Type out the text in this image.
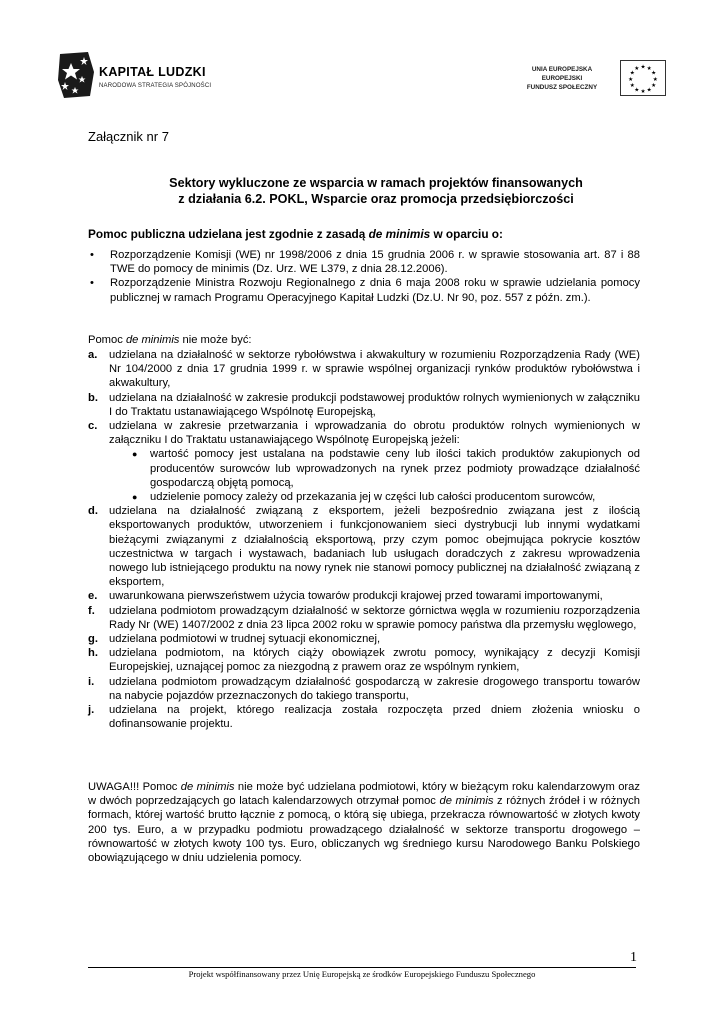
KAPITAŁ LUDZKI
NARODOWA STRATEGIA SPÓJNOŚCI
UNIA EUROPEJSKA
EUROPEJSKI
FUNDUSZ SPOŁECZNY
★ ★
★
★
★
★
★
★
★
★
★
★
Załącznik nr 7
Sektory wykluczone ze wsparcia w ramach projektów finansowanych
z działania 6.2. POKL, Wsparcie oraz promocja przedsiębiorczości
Pomoc publiczna udzielana jest zgodnie z zasadą de minimis w oparciu o:
• Rozporządzenie Komisji (WE) nr 1998/2006 z dnia 15 grudnia 2006 r. w sprawie stosowania art. 87 i 88 TWE do pomocy de minimis (Dz. Urz. WE L379, z dnia 28.12.2006).
• Rozporządzenie Ministra Rozwoju Regionalnego z dnia 6 maja 2008 roku w sprawie udzielania pomocy publicznej w ramach Programu Operacyjnego Kapitał Ludzki (Dz.U. Nr 90, poz. 557 z późn. zm.).
Pomoc de minimis nie może być:
a. udzielana na działalność w sektorze rybołówstwa i akwakultury w rozumieniu Rozporządzenia Rady (WE) Nr 104/2000 z dnia 17 grudnia 1999 r. w sprawie wspólnej organizacji rynków produktów rybołówstwa i akwakultury,
b. udzielana na działalność w zakresie produkcji podstawowej produktów rolnych wymienionych w załączniku I do Traktatu ustanawiającego Wspólnotę Europejską,
c. udzielana w zakresie przetwarzania i wprowadzania do obrotu produktów rolnych wymienionych w załączniku I do Traktatu ustanawiającego Wspólnotę Europejską jeżeli:
● wartość pomocy jest ustalana na podstawie ceny lub ilości takich produktów zakupionych od producentów surowców lub wprowadzonych na rynek przez podmioty prowadzące działalność gospodarczą objętą pomocą,
● udzielenie pomocy zależy od przekazania jej w części lub całości producentom surowców,
d. udzielana na działalność związaną z eksportem, jeżeli bezpośrednio związana jest z ilością eksportowanych produktów, utworzeniem i funkcjonowaniem sieci dystrybucji lub innymi wydatkami bieżącymi związanymi z działalnością eksportową, przy czym pomoc obejmująca pokrycie kosztów uczestnictwa w targach i wystawach, badaniach lub usługach doradczych z zakresu wprowadzenia nowego lub istniejącego produktu na nowy rynek nie stanowi pomocy publicznej na działalność związaną z eksportem,
e. uwarunkowana pierwszeństwem użycia towarów produkcji krajowej przed towarami importowanymi,
f. udzielana podmiotom prowadzącym działalność w sektorze górnictwa węgla w rozumieniu rozporządzenia Rady Nr (WE) 1407/2002 z dnia 23 lipca 2002 roku w sprawie pomocy państwa dla przemysłu węglowego,
g. udzielana podmiotowi w trudnej sytuacji ekonomicznej,
h. udzielana podmiotom, na których ciąży obowiązek zwrotu pomocy, wynikający z decyzji Komisji Europejskiej, uznającej pomoc za niezgodną z prawem oraz ze wspólnym rynkiem,
i. udzielana podmiotom prowadzącym działalność gospodarczą w zakresie drogowego transportu towarów na nabycie pojazdów przeznaczonych do takiego transportu,
j. udzielana na projekt, którego realizacja została rozpoczęta przed dniem złożenia wniosku o dofinansowanie projektu.
UWAGA!!! Pomoc de minimis nie może być udzielana podmiotowi, który w bieżącym roku kalendarzowym oraz w dwóch poprzedzających go latach kalendarzowych otrzymał pomoc de minimis z różnych źródeł i w różnych formach, której wartość brutto łącznie z pomocą, o którą się ubiega, przekracza równowartość w złotych kwoty 200 tys. Euro, a w przypadku podmiotu prowadzącego działalność w sektorze transportu drogowego – równowartość w złotych kwoty 100 tys. Euro, obliczanych wg średniego kursu Narodowego Banku Polskiego obowiązującego w dniu udzielenia pomocy.
1
Projekt współfinansowany przez Unię Europejską ze środków Europejskiego Funduszu Społecznego
